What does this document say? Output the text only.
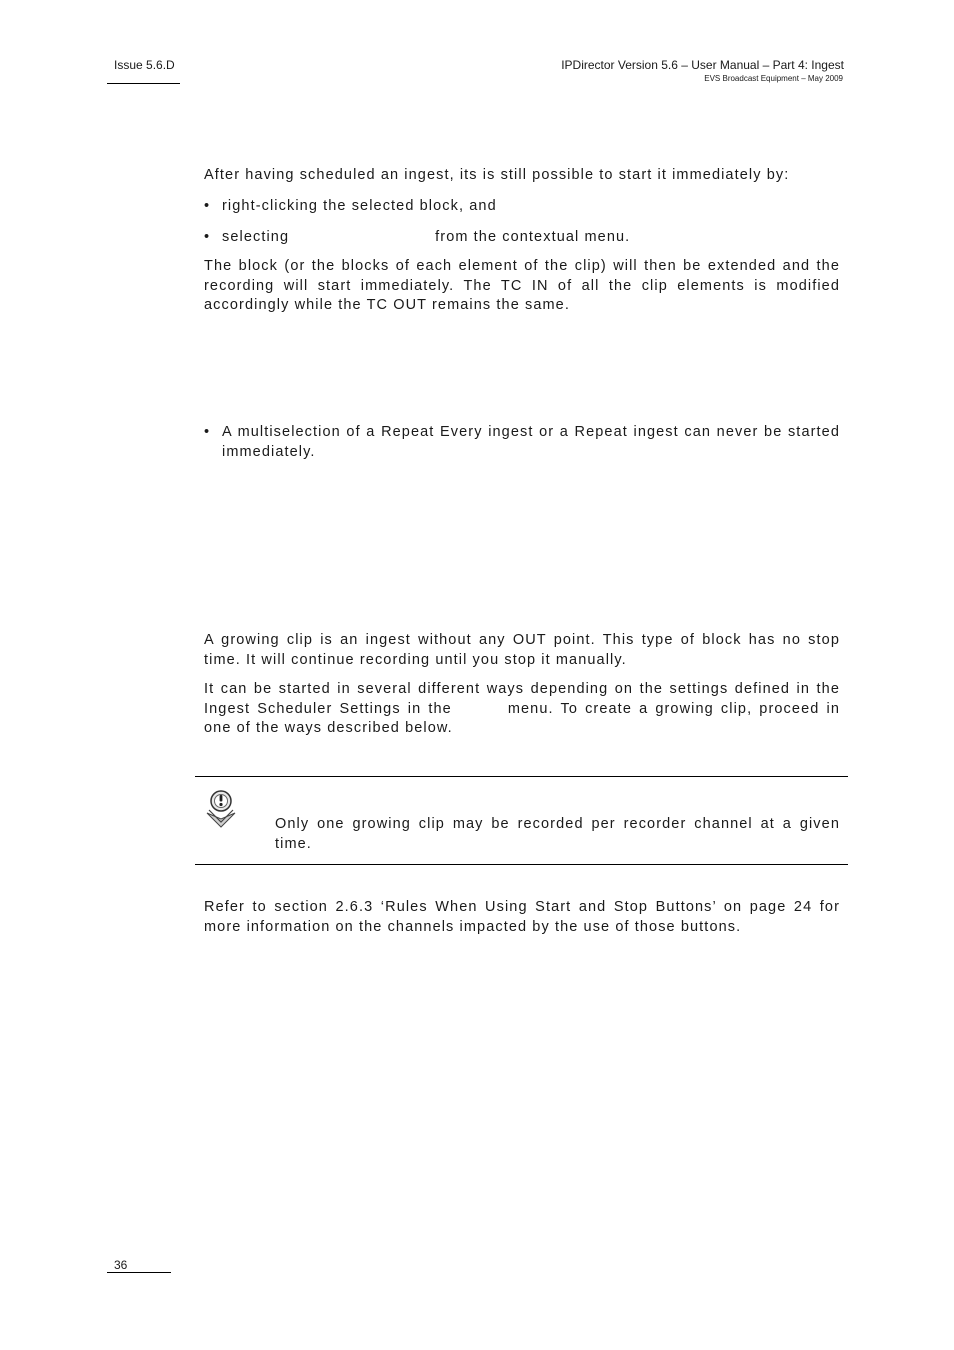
Issue 5.6.D	IPDirector Version 5.6 – User Manual – Part 4: Ingest
EVS Broadcast Equipment – May 2009
After having scheduled an ingest, its is still possible to start it immediately by:
• right-clicking the selected block, and
• selecting	from the contextual menu.
The block (or the blocks of each element of the clip) will then be extended and the recording will start immediately. The TC IN of all the clip elements is modified accordingly while the TC OUT remains the same.
• A multiselection of a Repeat Every ingest or a Repeat ingest can never be started immediately.
A growing clip is an ingest without any OUT point. This type of block has no stop time. It will continue recording until you stop it manually.
It can be started in several different ways depending on the settings defined in the Ingest Scheduler Settings in the	menu. To create a growing clip, proceed in one of the ways described below.
Only one growing clip may be recorded per recorder channel at a given time.
Refer to section 2.6.3 ‘Rules When Using Start and Stop Buttons’ on page 24 for more information on the channels impacted by the use of those buttons.
36
